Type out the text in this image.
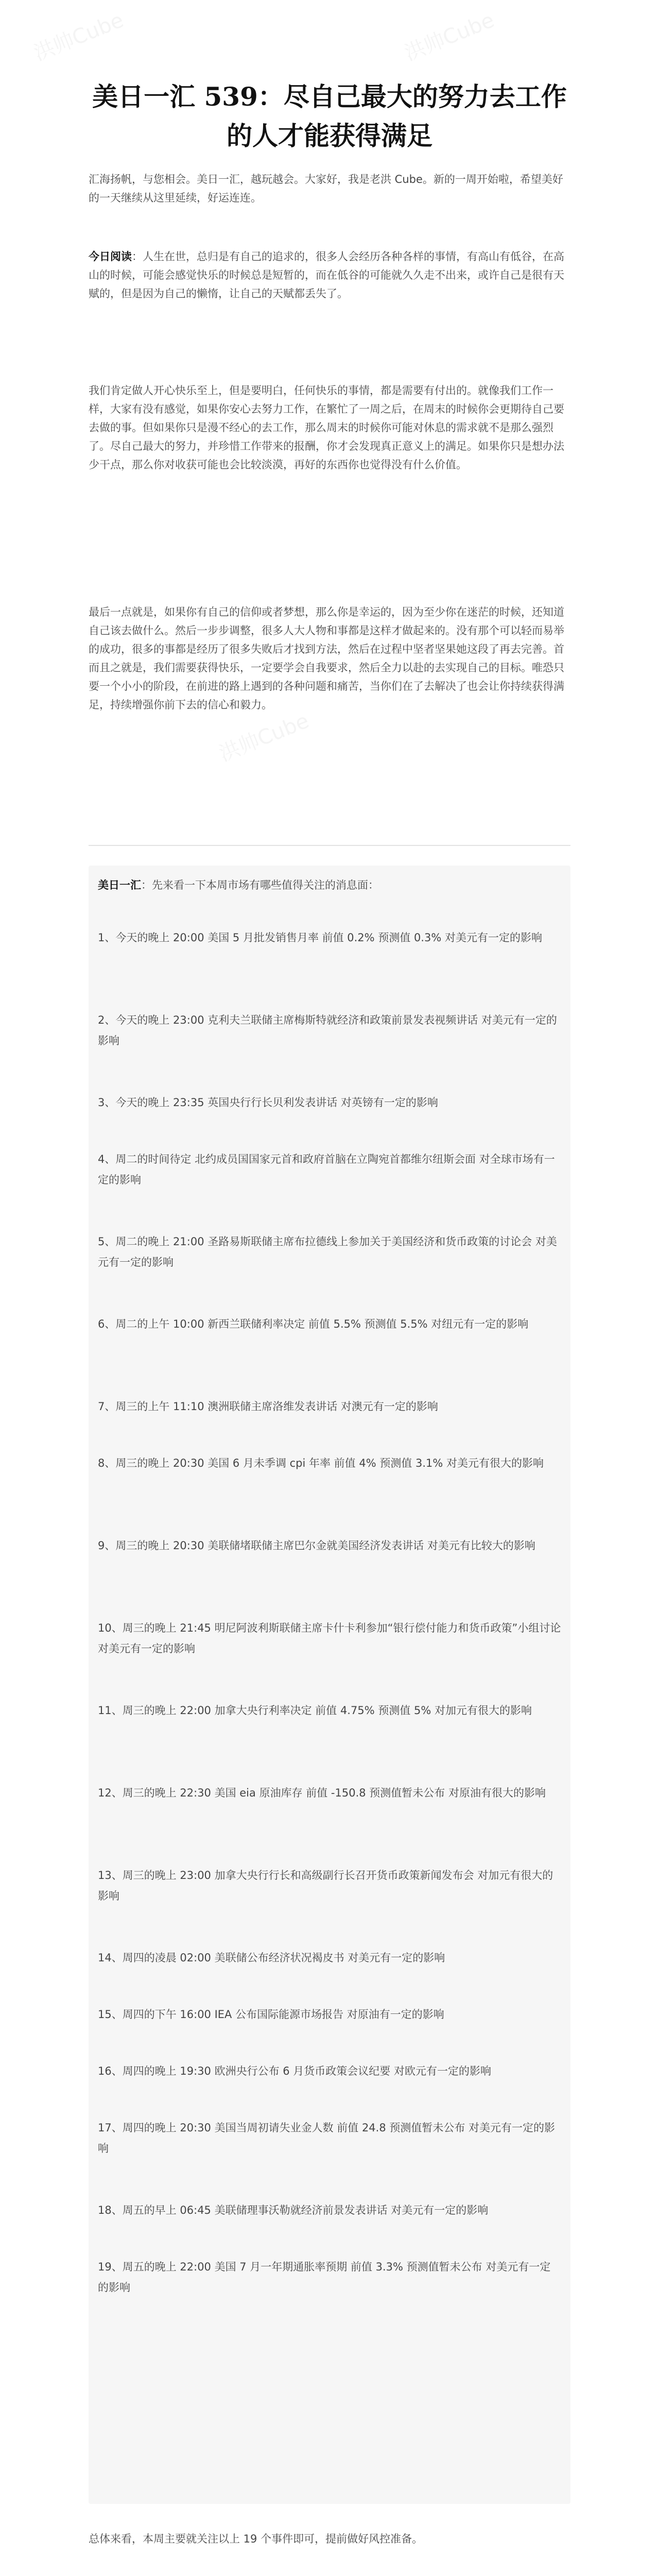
洪帅Cube	洪帅Cube
洪帅Cube
美日一汇 539：尽自己最大的努力去工作的人才能获得满足

汇海扬帆，与您相会。美日一汇，越玩越会。大家好，我是老洪 Cube。新的一周开始啦，希望美好的一天继续从这里延续，好运连连。

今日阅读：人生在世，总归是有自己的追求的，很多人会经历各种各样的事情，有高山有低谷，在高山的时候，可能会感觉快乐的时候总是短暂的，而在低谷的可能就久久走不出来，或许自己是很有天赋的，但是因为自己的懒惰，让自己的天赋都丢失了。

我们肯定做人开心快乐至上，但是要明白，任何快乐的事情，都是需要有付出的。就像我们工作一样，大家有没有感觉，如果你安心去努力工作，在繁忙了一周之后，在周末的时候你会更期待自己要去做的事。但如果你只是漫不经心的去工作，那么周末的时候你可能对休息的需求就不是那么强烈了。尽自己最大的努力，并珍惜工作带来的报酬，你才会发现真正意义上的满足。如果你只是想办法少干点，那么你对收获可能也会比较淡漠，再好的东西你也觉得没有什么价值。

最后一点就是，如果你有自己的信仰或者梦想，那么你是幸运的，因为至少你在迷茫的时候，还知道自己该去做什么。然后一步步调整，很多人大人物和事都是这样才做起来的。没有那个可以轻而易举的成功，很多的事都是经历了很多失败后才找到方法，然后在过程中坚者坚果她这段了再去完善。首而且之就是，我们需要获得快乐，一定要学会自我要求，然后全力以赴的去实现自己的目标。唯恐只要一个小小的阶段，在前进的路上遇到的各种问题和痛苦，当你们在了去解决了也会让你持续获得满足，持续增强你前下去的信心和毅力。

美日一汇：先来看一下本周市场有哪些值得关注的消息面：

1、今天的晚上 20:00 美国 5 月批发销售月率 前值 0.2% 预测值 0.3% 对美元有一定的影响

2、今天的晚上 23:00 克利夫兰联储主席梅斯特就经济和政策前景发表视频讲话 对美元有一定的影响

3、今天的晚上 23:35 英国央行行长贝利发表讲话 对英镑有一定的影响

4、周二的时间待定 北约成员国国家元首和政府首脑在立陶宛首都维尔纽斯会面 对全球市场有一定的影响

5、周二的晚上 21:00 圣路易斯联储主席布拉德线上参加关于美国经济和货币政策的讨论会 对美元有一定的影响

6、周二的上午 10:00 新西兰联储利率决定 前值 5.5% 预测值 5.5% 对纽元有一定的影响

7、周三的上午 11:10 澳洲联储主席洛维发表讲话 对澳元有一定的影响

8、周三的晚上 20:30 美国 6 月未季调 cpi 年率 前值 4% 预测值 3.1% 对美元有很大的影响

9、周三的晚上 20:30 美联储堵联储主席巴尔金就美国经济发表讲话 对美元有比较大的影响

10、周三的晚上 21:45 明尼阿波利斯联储主席卡什卡利参加“银行偿付能力和货币政策”小组讨论 对美元有一定的影响

11、周三的晚上 22:00 加拿大央行利率决定 前值 4.75% 预测值 5% 对加元有很大的影响

12、周三的晚上 22:30 美国 eia 原油库存 前值 -150.8 预测值暂未公布 对原油有很大的影响

13、周三的晚上 23:00 加拿大央行行长和高级副行长召开货币政策新闻发布会 对加元有很大的影响

14、周四的凌晨 02:00 美联储公布经济状况褐皮书 对美元有一定的影响

15、周四的下午 16:00 IEA 公布国际能源市场报告 对原油有一定的影响

16、周四的晚上 19:30 欧洲央行公布 6 月货币政策会议纪要 对欧元有一定的影响

17、周四的晚上 20:30 美国当周初请失业金人数 前值 24.8 预测值暂未公布 对美元有一定的影响

18、周五的早上 06:45 美联储理事沃勒就经济前景发表讲话 对美元有一定的影响

19、周五的晚上 22:00 美国 7 月一年期通胀率预期 前值 3.3% 预测值暂未公布 对美元有一定的影响

总体来看，本周主要就关注以上 19 个事件即可，提前做好风控准备。
